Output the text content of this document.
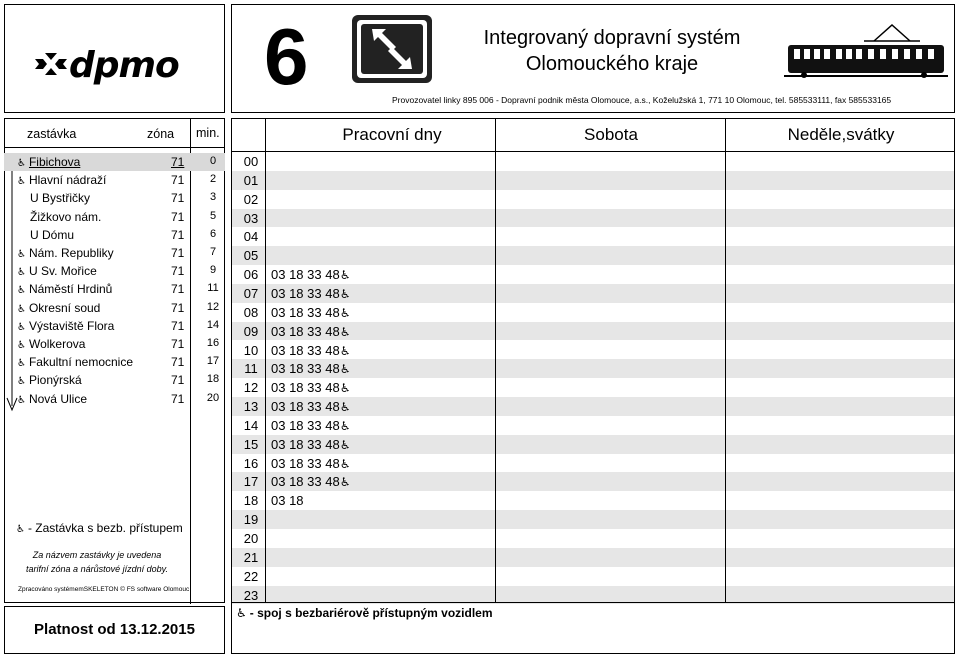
dpmo 6	Integrovaný dopravní systém
Olomouckého kraje
Provozovatel linky 895 006 - Dopravní podnik města Olomouce, a.s., Koželužská 1, 771 10 Olomouc, tel. 585533111, fax 585533165
zastávka	zóna min.
♿ Fibichova	71	0
♿ Hlavní nádraží	71	2
U Bystřičky	71	3
Žižkovo nám.	71	5
U Dómu	71	6
♿ Nám. Republiky	71	7
♿ U Sv. Mořice	71	9
♿ Náměstí Hrdinů	71	11
♿ Okresní soud	71	12
♿ Výstaviště Flora	71	14
♿ Wolkerova	71	16
♿ Fakultní nemocnice	71	17
♿ Pionýrská	71	18
♿ Nová Ulice	71	20
♿ - Zastávka s bezb. přístupem
Za názvem zastávky je uvedena
tarifní zóna a nárůstové jízdní doby.
Zpracováno systémemSKELETON © FS software Olomouc
Platnost od 13.12.2015
Pracovní dny	Sobota	Neděle,svátky
00
01
02
03
04
05
06 03 18 33 48♿
07 03 18 33 48♿
08 03 18 33 48♿
09 03 18 33 48♿
10 03 18 33 48♿
11	03 18 33 48♿
12 03 18 33 48♿
13 03 18 33 48♿
14 03 18 33 48♿
15 03 18 33 48♿
16 03 18 33 48♿
17 03 18 33 48♿
18 03 18
19
20
21
22
23
♿ - spoj s bezbariérově přístupným vozidlem
